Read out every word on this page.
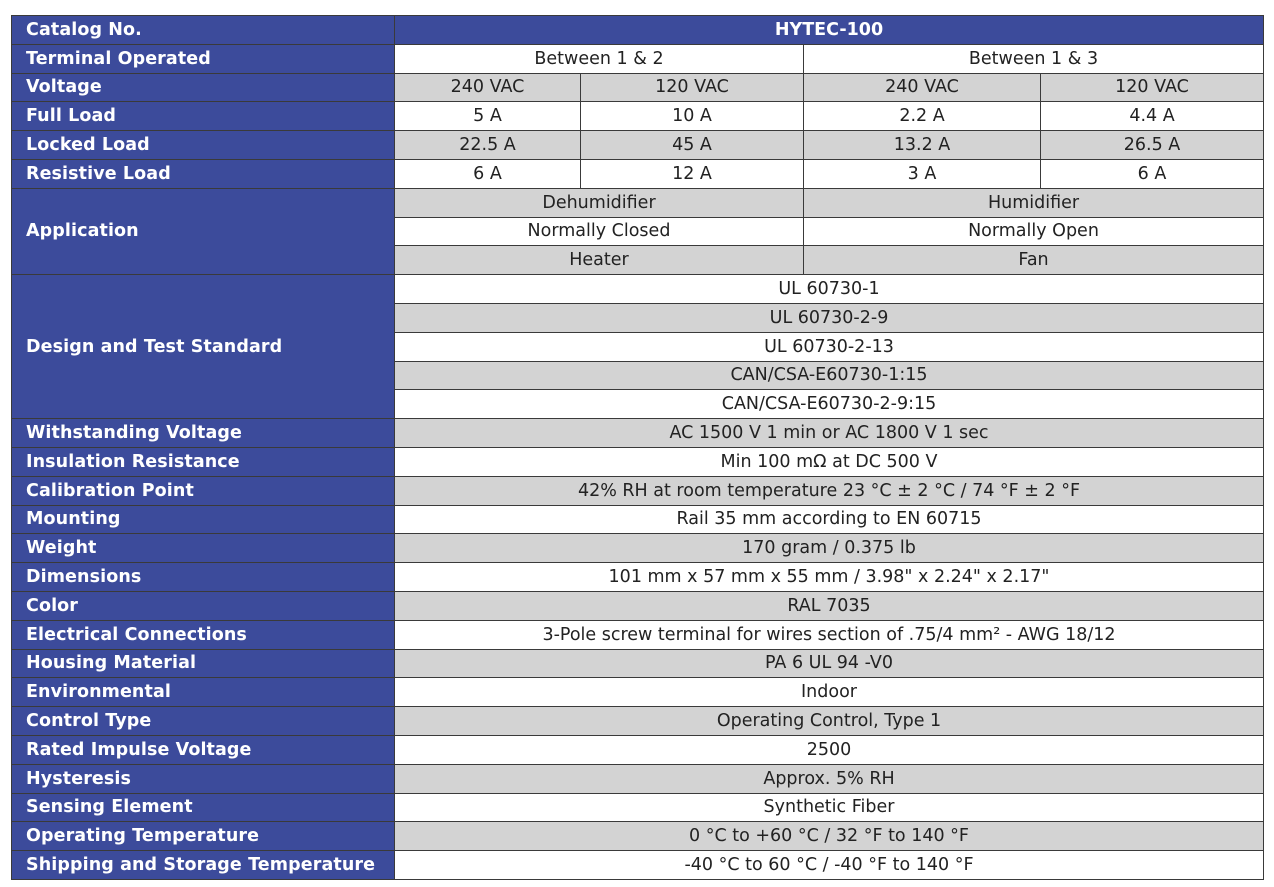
Catalog No.	HYTEC-100			
Terminal Operated	Between 1 & 2		Between 1 & 3	
Voltage	240 VAC	120 VAC	240 VAC	120 VAC
Full Load	5 A	10 A	2.2 A	4.4 A
Locked Load	22.5 A	45 A	13.2 A	26.5 A
Resistive Load	6 A	12 A	3 A	6 A
Application	Dehumidifier		Humidifier	
	Normally Closed		Normally Open	
	Heater		Fan	
Design and Test Standard	UL 60730-1			
	UL 60730-2-9			
	UL 60730-2-13			
	CAN/CSA-E60730-1:15			
	CAN/CSA-E60730-2-9:15			
Withstanding Voltage	AC 1500 V 1 min or AC 1800 V 1 sec			
Insulation Resistance	Min 100 mΩ at DC 500 V			
Calibration Point	42% RH at room temperature 23 °C ± 2 °C / 74 °F ± 2 °F			
Mounting	Rail 35 mm according to EN 60715			
Weight	170 gram / 0.375 lb			
Dimensions	101 mm x 57 mm x 55 mm / 3.98" x 2.24" x 2.17"			
Color	RAL 7035			
Electrical Connections	3-Pole screw terminal for wires section of .75/4 mm² - AWG 18/12			
Housing Material	PA 6 UL 94 -V0			
Environmental	Indoor			
Control Type	Operating Control, Type 1			
Rated Impulse Voltage	2500			
Hysteresis	Approx. 5% RH			
Sensing Element	Synthetic Fiber			
Operating Temperature	0 °C to +60 °C / 32 °F to 140 °F			
Shipping and Storage Temperature	-40 °C to 60 °C / -40 °F to 140 °F			
